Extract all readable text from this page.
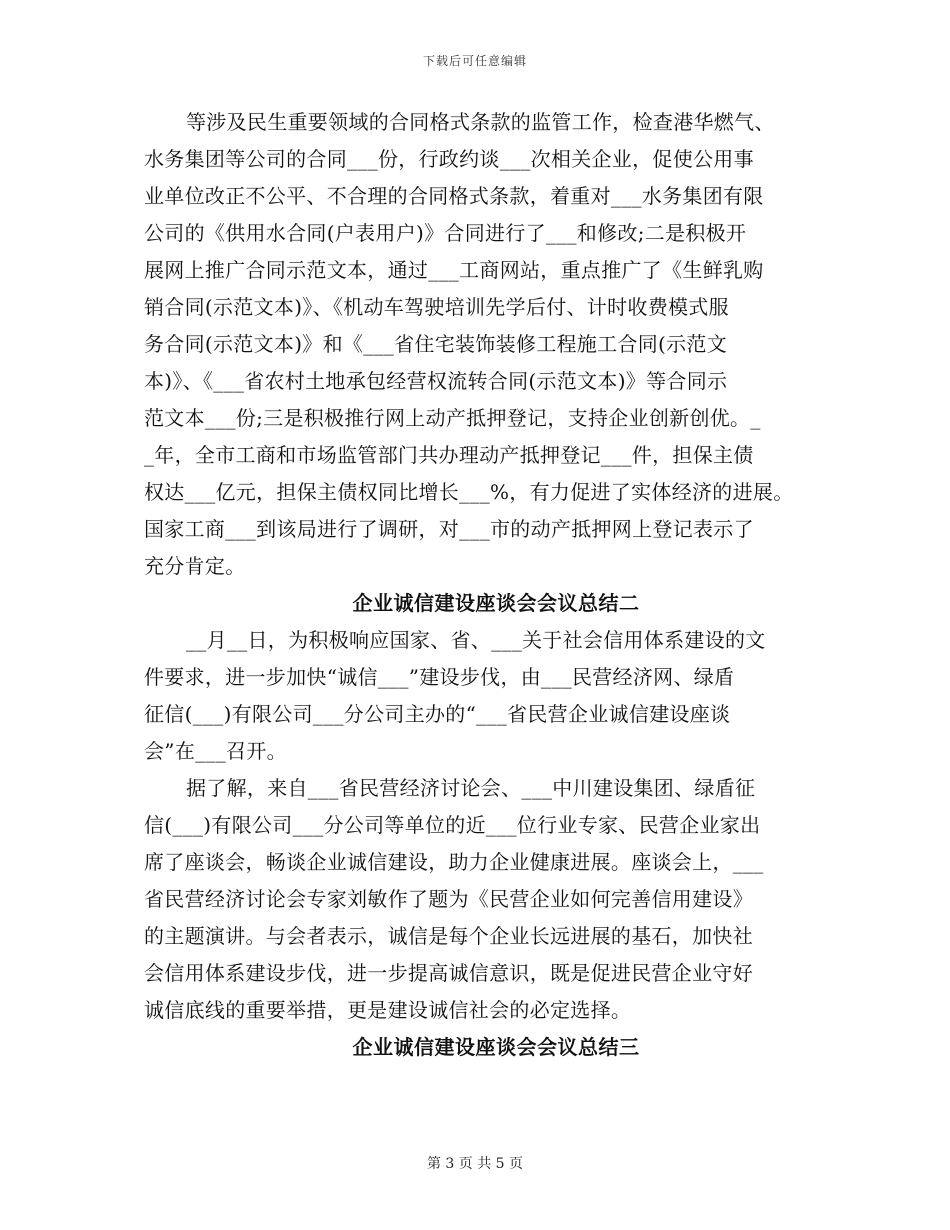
下载后可任意编辑
等涉及民生重要领域的合同格式条款的监管工作，检查港华燃气、
水务集团等公司的合同___份，行政约谈___次相关企业，促使公用事
业单位改正不公平、不合理的合同格式条款，着重对___水务集团有限
公司的《供用水合同(户表用户)》合同进行了___和修改;二是积极开
展网上推广合同示范文本，通过___工商网站，重点推广了《生鲜乳购
销合同(示范文本)》、《机动车驾驶培训先学后付、计时收费模式服
务合同(示范文本)》和《___省住宅装饰装修工程施工合同(示范文
本)》、《___省农村土地承包经营权流转合同(示范文本)》等合同示
范文本___份;三是积极推行网上动产抵押登记，支持企业创新创优。_
_年，全市工商和市场监管部门共办理动产抵押登记___件，担保主债
权达___亿元，担保主债权同比增长___%，有力促进了实体经济的进展。
国家工商___到该局进行了调研，对___市的动产抵押网上登记表示了
充分肯定。
企业诚信建设座谈会会议总结二
__月__日，为积极响应国家、省、___关于社会信用体系建设的文
件要求，进一步加快“诚信___”建设步伐，由___民营经济网、绿盾
征信(___)有限公司___分公司主办的“___省民营企业诚信建设座谈
会”在___召开。
据了解，来自___省民营经济讨论会、___中川建设集团、绿盾征
信(___)有限公司___分公司等单位的近___位行业专家、民营企业家出
席了座谈会，畅谈企业诚信建设，助力企业健康进展。座谈会上，___
省民营经济讨论会专家刘敏作了题为《民营企业如何完善信用建设》
的主题演讲。与会者表示，诚信是每个企业长远进展的基石，加快社
会信用体系建设步伐，进一步提高诚信意识，既是促进民营企业守好
诚信底线的重要举措，更是建设诚信社会的必定选择。
企业诚信建设座谈会会议总结三
第 3 页 共 5 页
